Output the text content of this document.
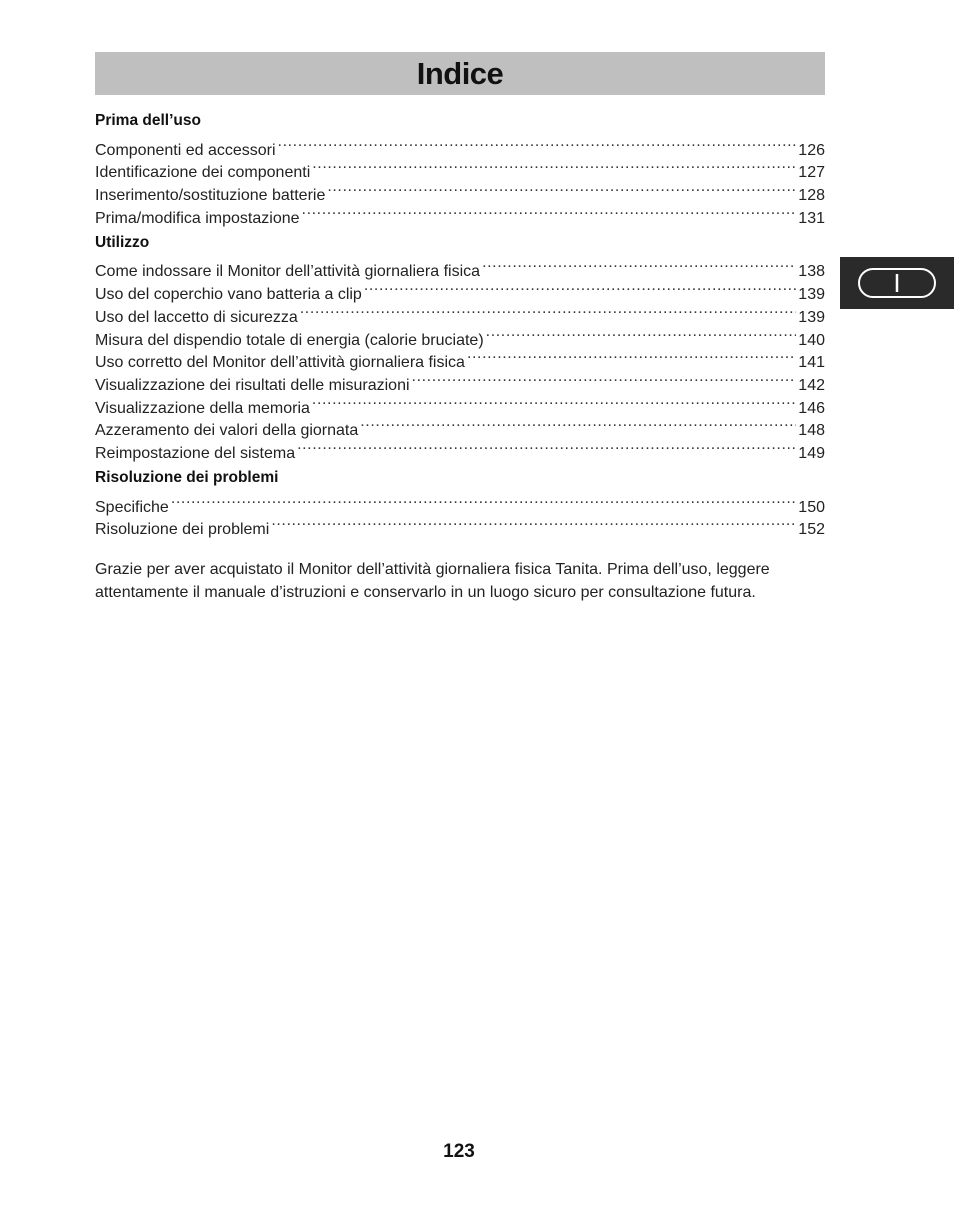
Indice

Prima dell’uso

Componenti ed accessori .....	126
Identificazione dei componenti .....	127
Inserimento/sostituzione batterie .....	128
Prima/modifica impostazione .....	131

Utilizzo

Come indossare il Monitor dell’attività giornaliera fisica .....	138
Uso del coperchio vano batteria a clip .....	139
Uso del laccetto di sicurezza .....	139
Misura del dispendio totale di energia (calorie bruciate) .....	140
Uso corretto del Monitor dell’attività giornaliera fisica .....	141
Visualizzazione dei risultati delle misurazioni .....	142
Visualizzazione della memoria .....	146
Azzeramento dei valori della giornata .....	148
Reimpostazione del sistema .....	149

Risoluzione dei problemi

Specifiche .....	150
Risoluzione dei problemi .....	152

Grazie per aver acquistato il Monitor dell’attività giornaliera fisica Tanita. Prima dell’uso, leggere attentamente il manuale d’istruzioni e conservarlo in un luogo sicuro per consultazione futura.

I
123
